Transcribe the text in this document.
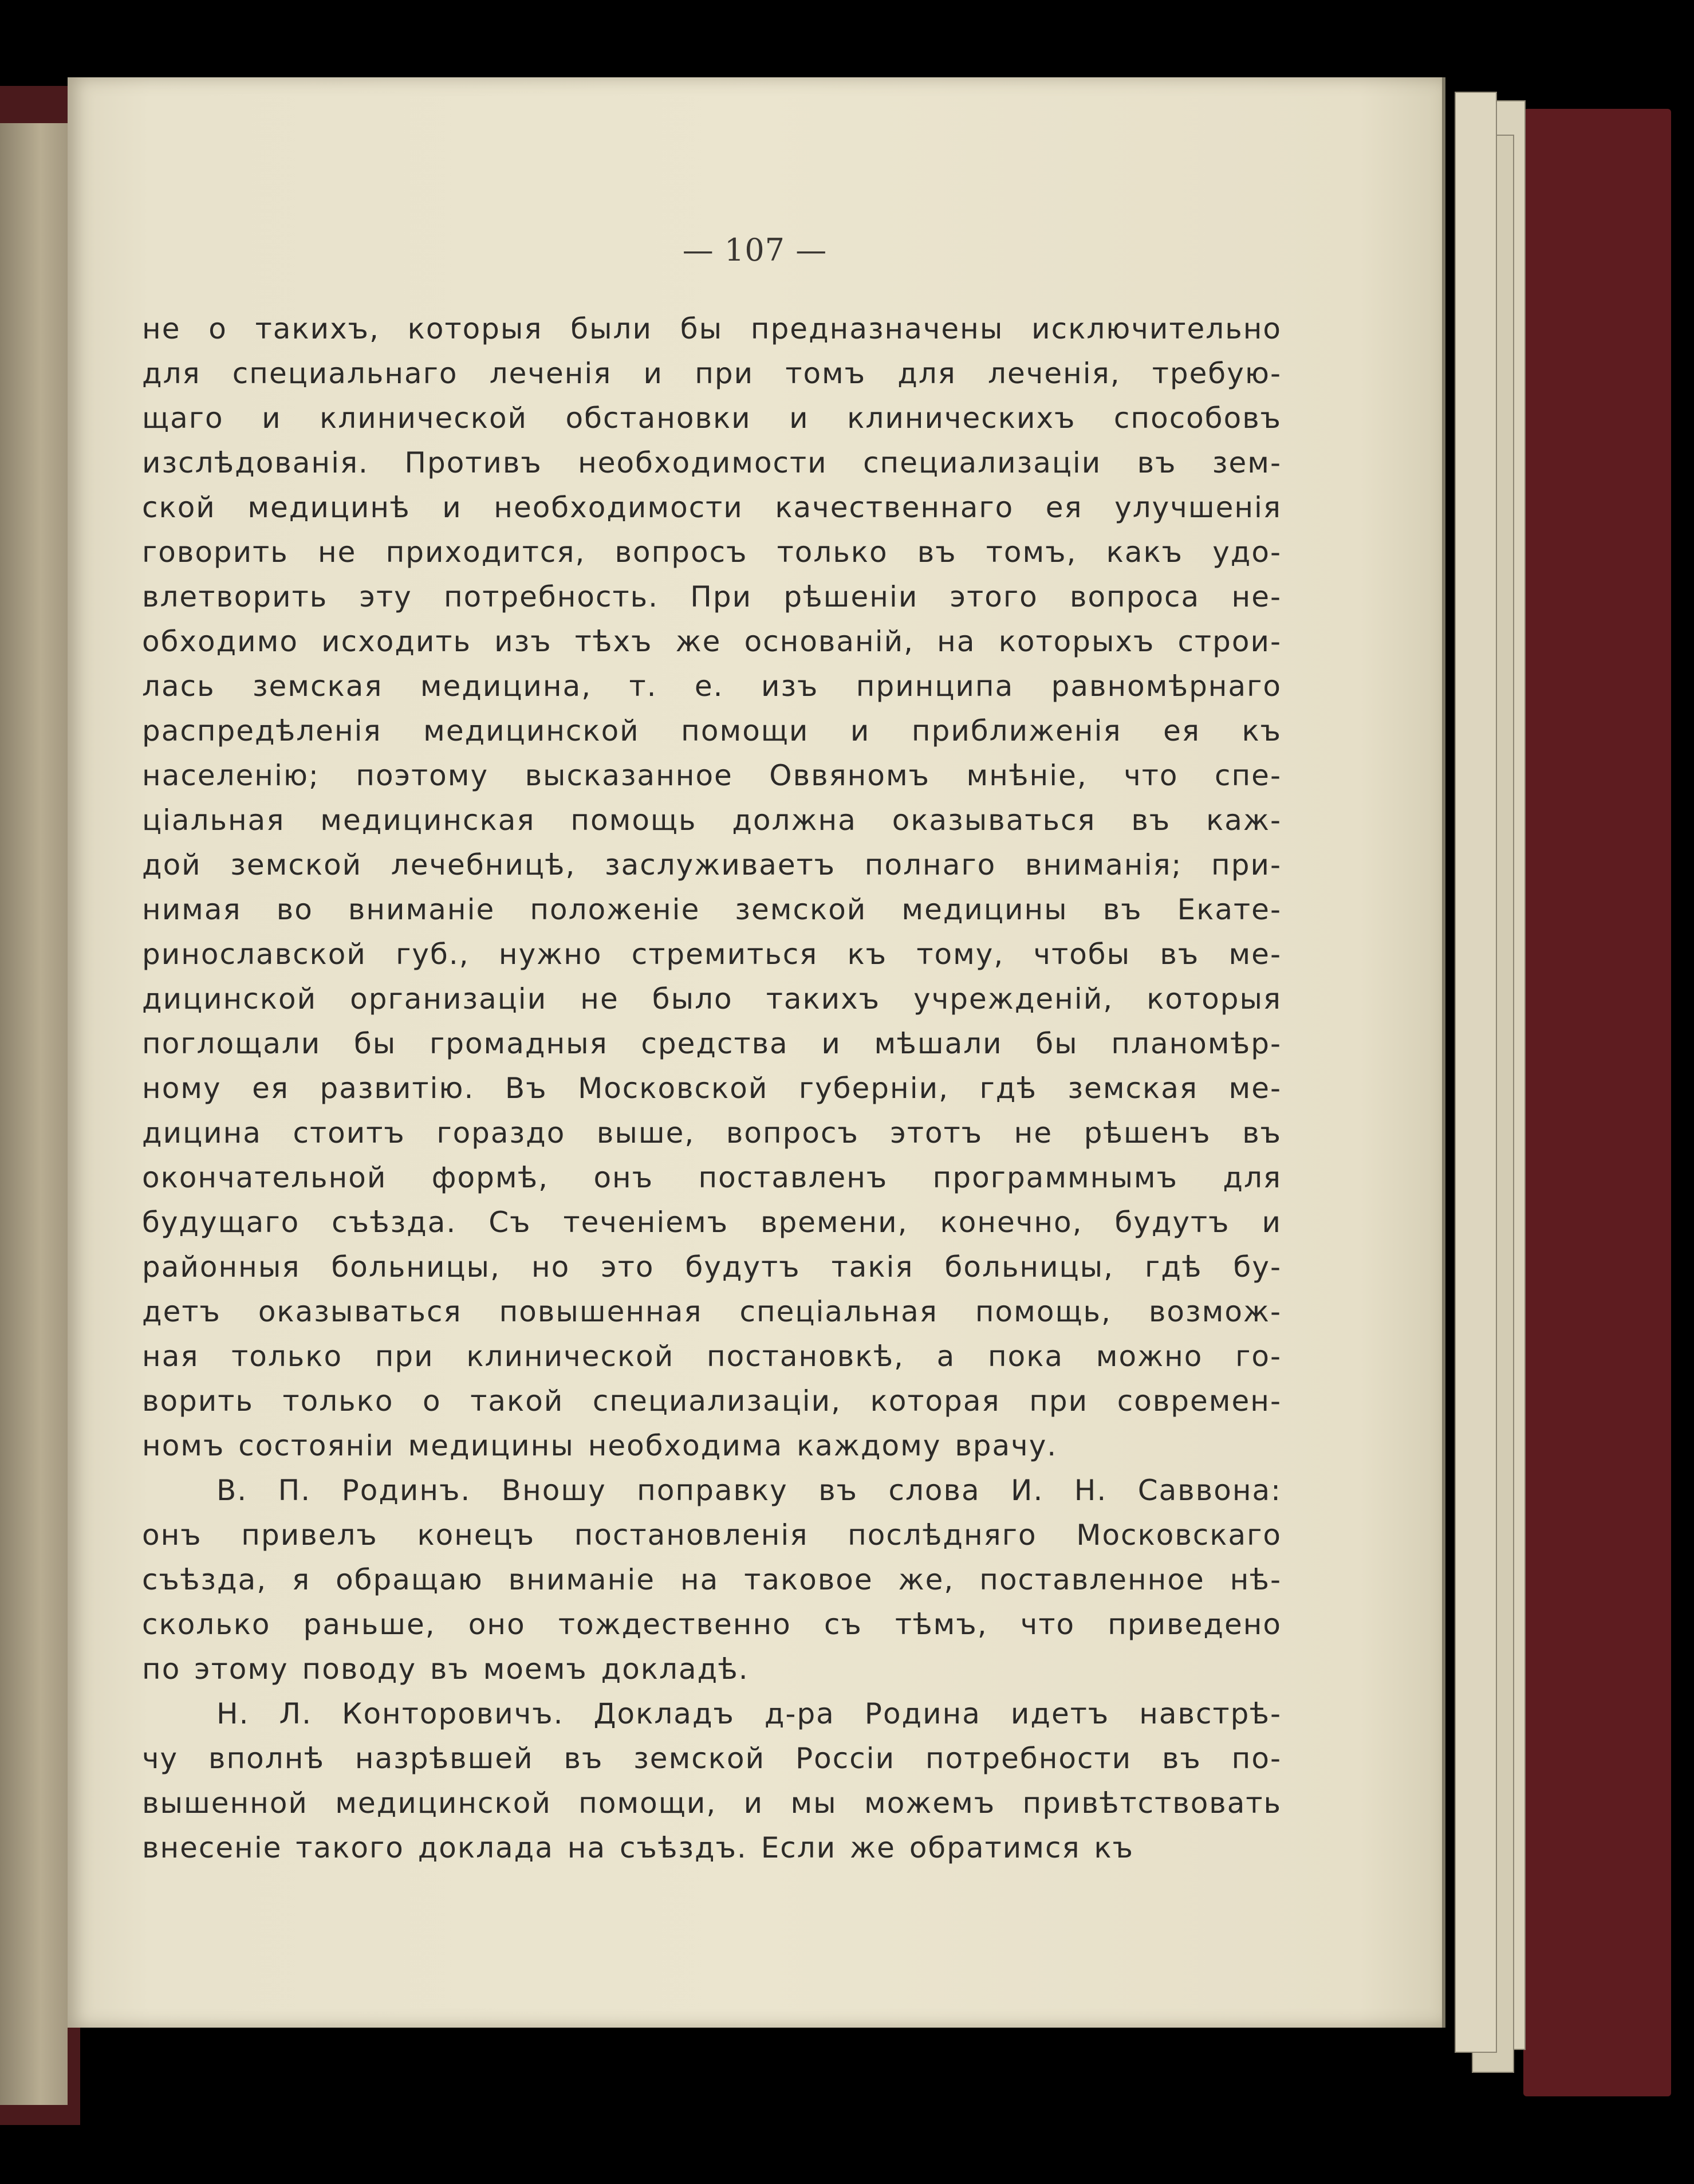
— 107 —
не о такихъ, которыя были бы предназначены исключительно
для специальнаго леченія и при томъ для леченія, требую-
щаго и клинической обстановки и клиническихъ способовъ
изслѣдованія. Противъ необходимости специализаціи въ зем-
ской медицинѣ и необходимости качественнаго ея улучшенія
говорить не приходится, вопросъ только въ томъ, какъ удо-
влетворить эту потребность. При рѣшеніи этого вопроса не-
обходимо исходить изъ тѣхъ же основаній, на которыхъ строи-
лась земская медицина, т. е. изъ принципа равномѣрнаго
распредѣленія медицинской помощи и приближенія ея къ
населенію; поэтому высказанное Оввяномъ мнѣніе, что спе-
ціальная медицинская помощь должна оказываться въ каж-
дой земской лечебницѣ, заслуживаетъ полнаго вниманія; при-
нимая во вниманіе положеніе земской медицины въ Екате-
ринославской губ., нужно стремиться къ тому, чтобы въ ме-
дицинской организаціи не было такихъ учрежденій, которыя
поглощали бы громадныя средства и мѣшали бы планомѣр-
ному ея развитію. Въ Московской губерніи, гдѣ земская ме-
дицина стоитъ гораздо выше, вопросъ этотъ не рѣшенъ въ
окончательной формѣ, онъ поставленъ программнымъ для
будущаго съѣзда. Съ теченіемъ времени, конечно, будутъ и
районныя больницы, но это будутъ такія больницы, гдѣ бу-
детъ оказываться повышенная спеціальная помощь, возмож-
ная только при клинической постановкѣ, а пока можно го-
ворить только о такой специализаціи, которая при современ-
номъ состояніи медицины необходима каждому врачу.
В. П. Родинъ. Вношу поправку въ слова И. Н. Саввона:
онъ привелъ конецъ постановленія послѣдняго Московскаго
съѣзда, я обращаю вниманіе на таковое же, поставленное нѣ-
сколько раньше, оно тождественно съ тѣмъ, что приведено
по этому поводу въ моемъ докладѣ.
Н. Л. Конторовичъ. Докладъ д-ра Родина идетъ навстрѣ-
чу вполнѣ назрѣвшей въ земской Россіи потребности въ по-
вышенной медицинской помощи, и мы можемъ привѣтствовать
внесеніе такого доклада на съѣздъ. Если же обратимся къ
